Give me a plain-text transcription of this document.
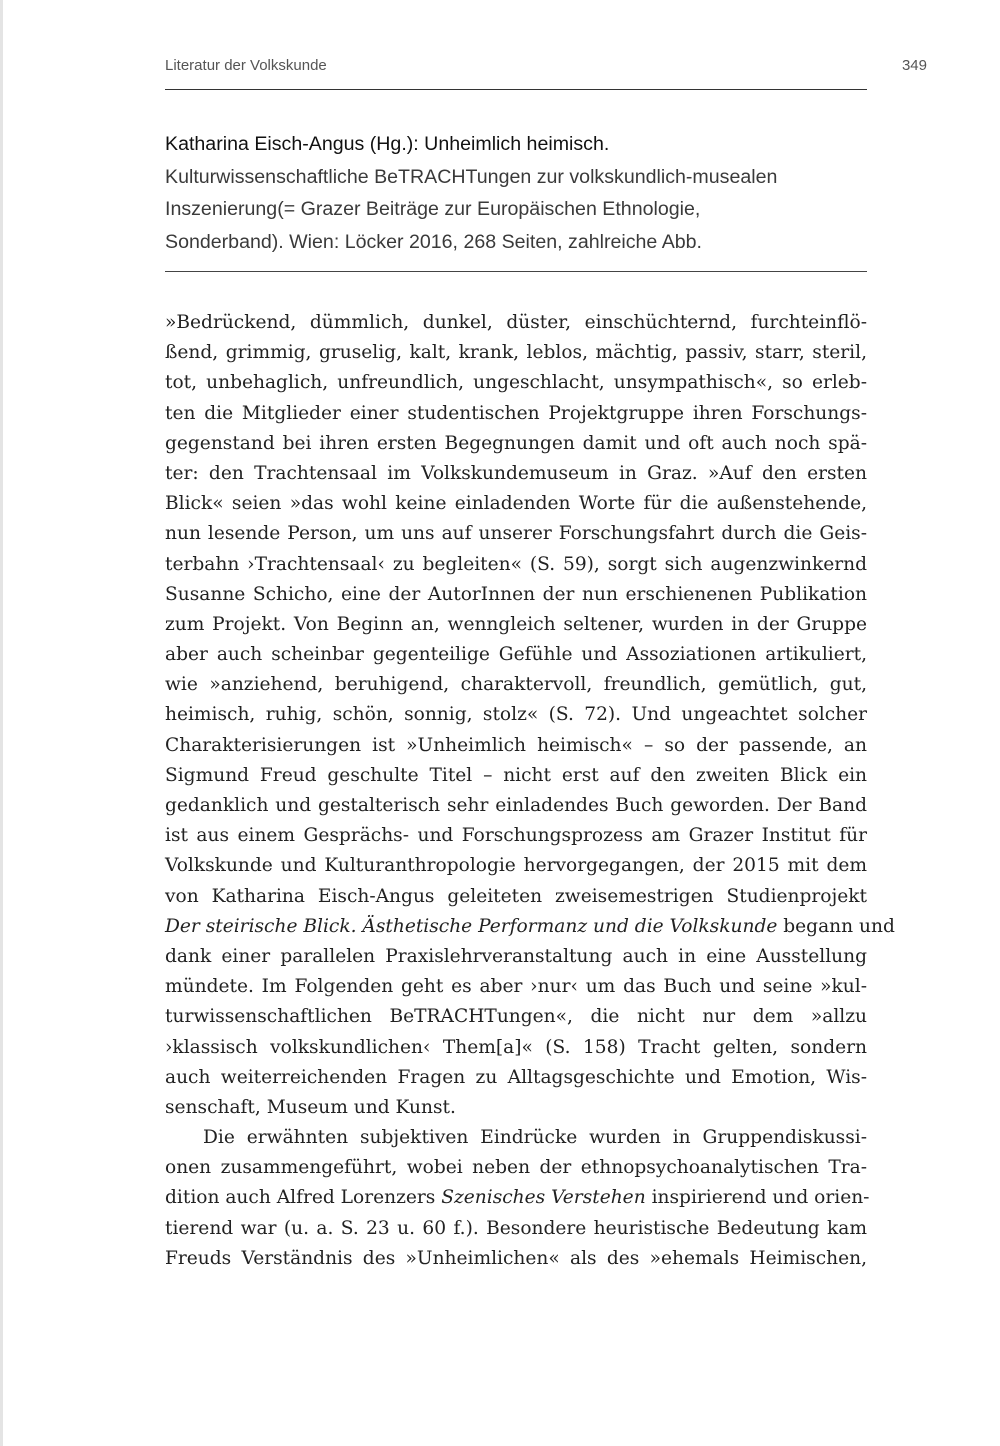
Literatur der Volkskunde	349
Katharina Eisch-Angus (Hg.): Unheimlich heimisch.
Kulturwissenschaftliche BeTRACHTungen zur volkskundlich-musealen
Inszenierung(= Grazer Beiträge zur Europäischen Ethnologie,
Sonderband). Wien: Löcker 2016, 268 Seiten, zahlreiche Abb.
»Bedrückend, dümmlich, dunkel, düster, einschüchternd, furchteinflö-
ßend, grimmig, gruselig, kalt, krank, leblos, mächtig, passiv, starr, steril,
tot, unbehaglich, unfreundlich, ungeschlacht, unsympathisch«, so erleb-
ten die Mitglieder einer studentischen Projektgruppe ihren Forschungs-
gegenstand bei ihren ersten Begegnungen damit und oft auch noch spä-
ter: den Trachtensaal im Volkskundemuseum in Graz. »Auf den ersten
Blick« seien »das wohl keine einladenden Worte für die außenstehende,
nun lesende Person, um uns auf unserer Forschungsfahrt durch die Geis-
terbahn ›Trachtensaal‹ zu begleiten« (S. 59), sorgt sich augenzwinkernd
Susanne Schicho, eine der AutorInnen der nun erschienenen Publikation
zum Projekt. Von Beginn an, wenngleich seltener, wurden in der Gruppe
aber auch scheinbar gegenteilige Gefühle und Assoziationen artikuliert,
wie »anziehend, beruhigend, charaktervoll, freundlich, gemütlich, gut,
heimisch, ruhig, schön, sonnig, stolz« (S. 72). Und ungeachtet solcher
Charakterisierungen ist »Unheimlich heimisch« – so der passende, an
Sigmund Freud geschulte Titel – nicht erst auf den zweiten Blick ein
gedanklich und gestalterisch sehr einladendes Buch geworden. Der Band
ist aus einem Gesprächs- und Forschungsprozess am Grazer Institut für
Volkskunde und Kulturanthropologie hervorgegangen, der 2015 mit dem
von Katharina Eisch-Angus geleiteten zweisemestrigen Studienprojekt
Der steirische Blick. Ästhetische Performanz und die Volkskunde begann und
dank einer parallelen Praxislehrveranstaltung auch in eine Ausstellung
mündete. Im Folgenden geht es aber ›nur‹ um das Buch und seine »kul-
turwissenschaftlichen BeTRACHTungen«, die nicht nur dem »allzu
›klassisch volkskundlichen‹ Them[a]« (S. 158) Tracht gelten, sondern
auch weiterreichenden Fragen zu Alltagsgeschichte und Emotion, Wis-
senschaft, Museum und Kunst.
Die erwähnten subjektiven Eindrücke wurden in Gruppendiskussi-
onen zusammengeführt, wobei neben der ethnopsychoanalytischen Tra-
dition auch Alfred Lorenzers Szenisches Verstehen inspirierend und orien-
tierend war (u. a. S. 23 u. 60 f.). Besondere heuristische Bedeutung kam
Freuds Verständnis des »Unheimlichen« als des »ehemals Heimischen,
